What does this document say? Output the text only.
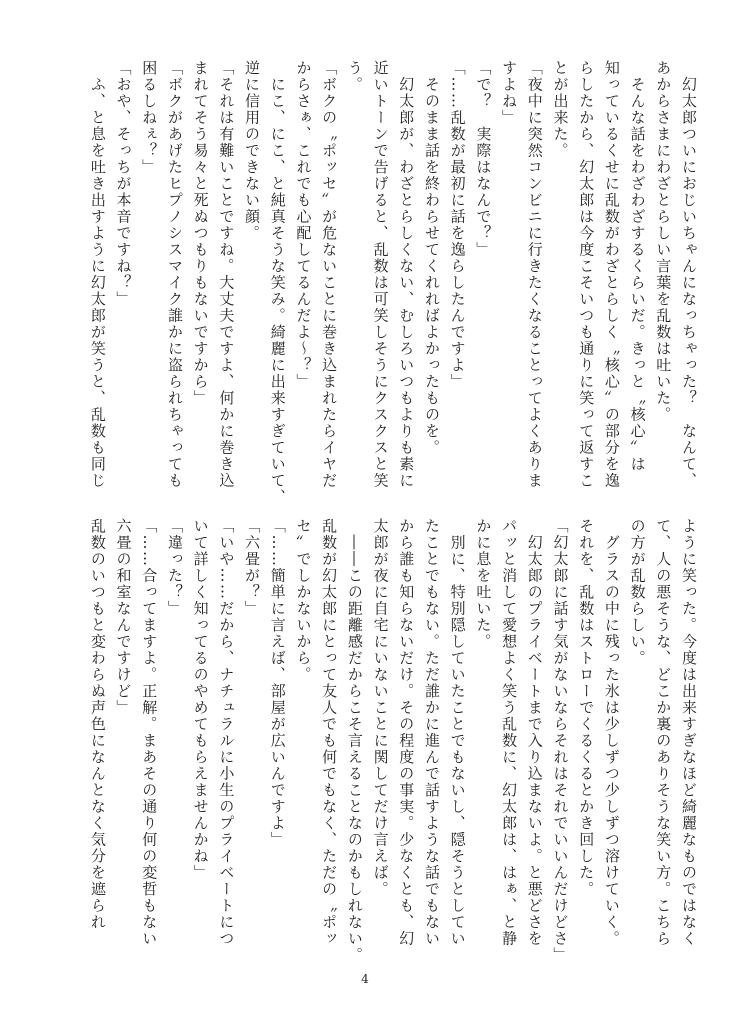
　幻太郎ついにおじいちゃんになっちゃった？　なんて、
あからさまにわざとらしい言葉を乱数は吐いた。
　そんな話をわざわざするくらいだ。きっと〝核心〟は
知っているくせに乱数がわざとらしく〝核心〟の部分を逸
らしたから、幻太郎は今度こそいつも通りに笑って返すこ
とが出来た。
「夜中に突然コンビニに行きたくなることってよくありま
すよね」
「で？　実際はなんで？」
「……乱数が最初に話を逸らしたんですよ」
　そのまま話を終わらせてくれればよかったものを。
　幻太郎が、わざとらしくない、むしろいつもよりも素に
近いトーンで告げると、乱数は可笑しそうにクスクスと笑
う。
「ボクの〝ポッセ〟が危ないことに巻き込まれたらイヤだ
からさぁ、これでも心配してるんだよ～？」
　にこ、にこ、と純真そうな笑み。綺麗に出来すぎていて、
逆に信用のできない顔。
「それは有難いことですね。大丈夫ですよ、何かに巻き込
まれてそう易々と死ぬつもりもないですから」
「ボクがあげたヒプノシスマイク誰かに盗られちゃっても
困るしねぇ？」
「おや、そっちが本音ですね？」
　ふ、と息を吐き出すように幻太郎が笑うと、乱数も同じ
ように笑った。今度は出来すぎなほど綺麗なものではなく
て、人の悪そうな、どこか裏のありそうな笑い方。こちら
の方が乱数らしい。
　グラスの中に残った氷は少しずつ少しずつ溶けていく。
それを、乱数はストローでくるくるとかき回した。
「幻太郎に話す気がないならそれはそれでいいんだけどさ」
　幻太郎のプライベートまで入り込まないよ。と悪どさを
パッと消して愛想よく笑う乱数に、幻太郎は、はぁ、と静
かに息を吐いた。
　別に、特別隠していたことでもないし、隠そうとしてい
たことでもない。ただ誰かに進んで話すような話でもない
から誰も知らないだけ。その程度の事実。少なくとも、幻
太郎が夜に自宅にいないことに関してだけ言えば。
　――この距離感だからこそ言えることなのかもしれない。
乱数が幻太郎にとって友人でも何でもなく、ただの〝ポッ
セ〟でしかないから。
「……簡単に言えば、部屋が広いんですよ」
「六畳が？」
「いや……だから、ナチュラルに小生のプライベートにつ
いて詳しく知ってるのやめてもらえませんかね」
「違った？」
「……合ってますよ。正解。まあその通り何の変哲もない
六畳の和室なんですけど」
乱数のいつもと変わらぬ声色になんとなく気分を遮られ
4
